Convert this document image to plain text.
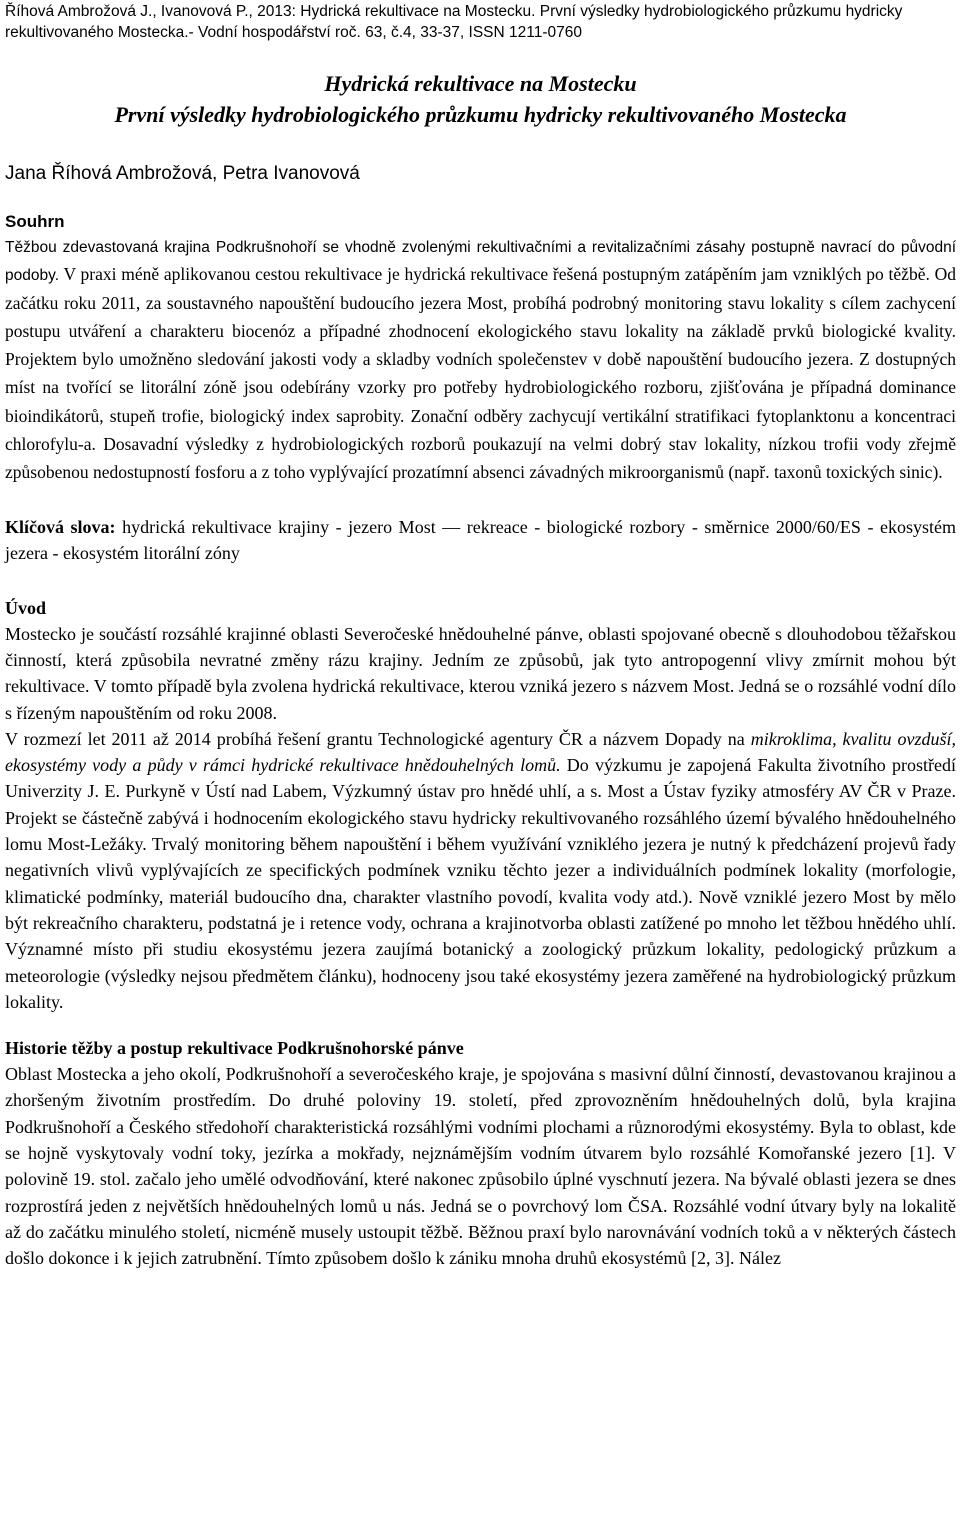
Říhová Ambrožová J., Ivanovová P., 2013: Hydrická rekultivace na Mostecku. První výsledky hydrobiologického průzkumu hydricky rekultivovaného Mostecka.- Vodní hospodářství roč. 63, č.4, 33-37, ISSN 1211-0760
Hydrická rekultivace na Mostecku
První výsledky hydrobiologického průzkumu hydricky rekultivovaného Mostecka
Jana Říhová Ambrožová, Petra Ivanovová
Souhrn

Těžbou zdevastovaná krajina Podkrušnohoří se vhodně zvolenými rekultivačními a revitalizačními zásahy postupně navrací do původní podoby. V praxi méně aplikovanou cestou rekultivace je hydrická rekultivace řešená postupným zatápěním jam vzniklých po těžbě. Od začátku roku 2011, za soustavného napouštění budoucího jezera Most, probíhá podrobný monitoring stavu lokality s cílem zachycení postupu utváření a charakteru biocenóz a případné zhodnocení ekologického stavu lokality na základě prvků biologické kvality. Projektem bylo umožněno sledování jakosti vody a skladby vodních společenstev v době napouštění budoucího jezera. Z dostupných míst na tvořící se litorální zóně jsou odebírány vzorky pro potřeby hydrobiologického rozboru, zjišťována je případná dominance bioindikátorů, stupeň trofie, biologický index saprobity. Zonační odběry zachycují vertikální stratifikaci fytoplanktonu a koncentraci chlorofylu-a. Dosavadní výsledky z hydrobiologických rozborů poukazují na velmi dobrý stav lokality, nízkou trofii vody zřejmě způsobenou nedostupností fosforu a z toho vyplývající prozatímní absenci závadných mikroorganismů (např. taxonů toxických sinic).

Klíčová slova: hydrická rekultivace krajiny - jezero Most — rekreace - biologické rozbory - směrnice 2000/60/ES - ekosystém jezera - ekosystém litorální zóny

Úvod

Mostecko je součástí rozsáhlé krajinné oblasti Severočeské hnědouhelné pánve, oblasti spojované obecně s dlouhodobou těžařskou činností, která způsobila nevratné změny rázu krajiny. Jedním ze způsobů, jak tyto antropogenní vlivy zmírnit mohou být rekultivace. V tomto případě byla zvolena hydrická rekultivace, kterou vzniká jezero s názvem Most. Jedná se o rozsáhlé vodní dílo s řízeným napouštěním od roku 2008.

V rozmezí let 2011 až 2014 probíhá řešení grantu Technologické agentury ČR a názvem Dopady na mikroklima, kvalitu ovzduší, ekosystémy vody a půdy v rámci hydrické rekultivace hnědouhelných lomů. Do výzkumu je zapojená Fakulta životního prostředí Univerzity J. E. Purkyně v Ústí nad Labem, Výzkumný ústav pro hnědé uhlí, a s. Most a Ústav fyziky atmosféry AV ČR v Praze. Projekt se částečně zabývá i hodnocením ekologického stavu hydricky rekultivovaného rozsáhlého území bývalého hnědouhelného lomu Most-Ležáky. Trvalý monitoring během napouštění i během využívání vzniklého jezera je nutný k předcházení projevů řady negativních vlivů vyplývajících ze specifických podmínek vzniku těchto jezer a individuálních podmínek lokality (morfologie, klimatické podmínky, materiál budoucího dna, charakter vlastního povodí, kvalita vody atd.). Nově vzniklé jezero Most by mělo být rekreačního charakteru, podstatná je i retence vody, ochrana a krajinotvorba oblasti zatížené po mnoho let těžbou hnědého uhlí. Významné místo při studiu ekosystému jezera zaujímá botanický a zoologický průzkum lokality, pedologický průzkum a meteorologie (výsledky nejsou předmětem článku), hodnoceny jsou také ekosystémy jezera zaměřené na hydrobiologický průzkum lokality.

Historie těžby a postup rekultivace Podkrušnohorské pánve

Oblast Mostecka a jeho okolí, Podkrušnohoří a severočeského kraje, je spojována s masivní důlní činností, devastovanou krajinou a zhoršeným životním prostředím. Do druhé poloviny 19. století, před zprovozněním hnědouhelných dolů, byla krajina Podkrušnohoří a Českého středohoří charakteristická rozsáhlými vodními plochami a různorodými ekosystémy. Byla to oblast, kde se hojně vyskytovaly vodní toky, jezírka a mokřady, nejznámějším vodním útvarem bylo rozsáhlé Komořanské jezero [1]. V polovině 19. stol. začalo jeho umělé odvodňování, které nakonec způsobilo úplné vyschnutí jezera. Na bývalé oblasti jezera se dnes rozprostírá jeden z největších hnědouhelných lomů u nás. Jedná se o povrchový lom ČSA. Rozsáhlé vodní útvary byly na lokalitě až do začátku minulého století, nicméně musely ustoupit těžbě. Běžnou praxí bylo narovnávání vodních toků a v některých částech došlo dokonce i k jejich zatrubnění. Tímto způsobem došlo k zániku mnoha druhů ekosystémů [2, 3]. Nález
